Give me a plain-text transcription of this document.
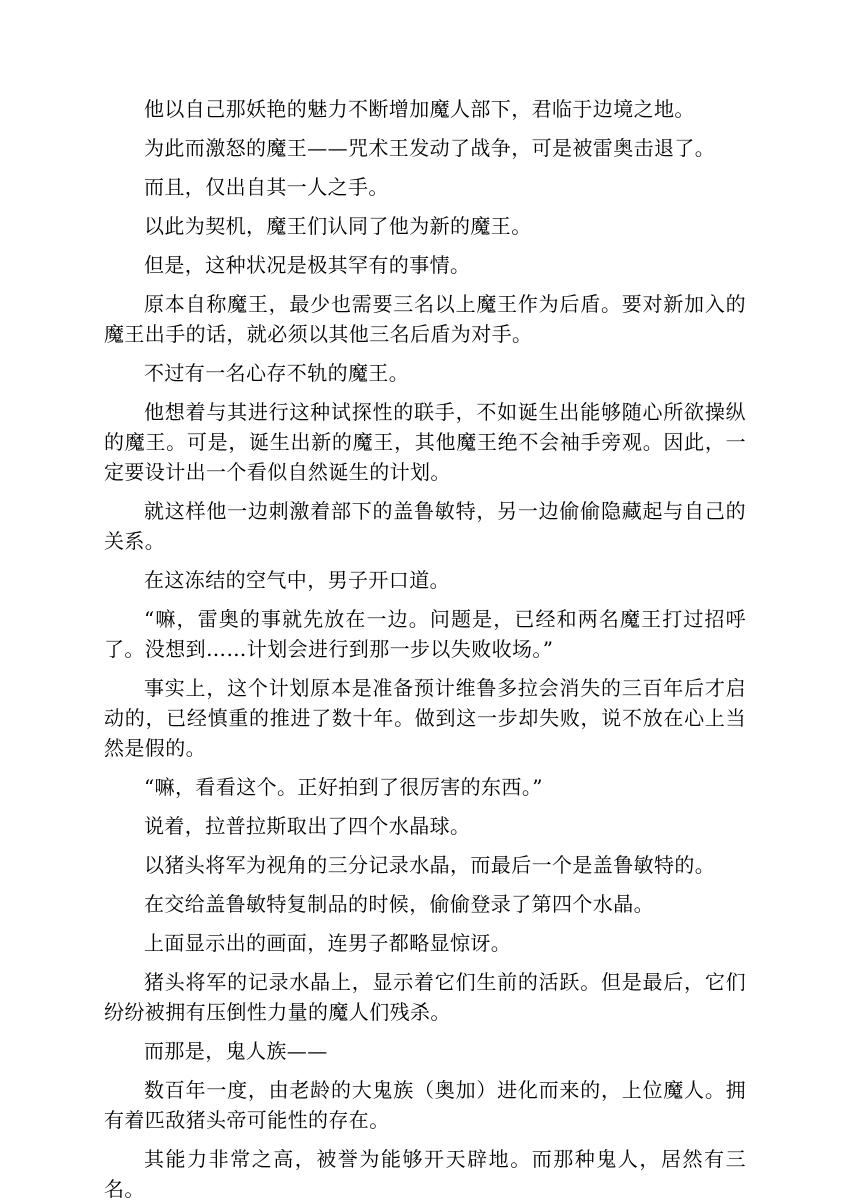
他以自己那妖艳的魅力不断增加魔人部下，君临于边境之地。

为此而激怒的魔王——咒术王发动了战争，可是被雷奥击退了。

而且，仅出自其一人之手。

以此为契机，魔王们认同了他为新的魔王。

但是，这种状况是极其罕有的事情。

原本自称魔王，最少也需要三名以上魔王作为后盾。要对新加入的魔王出手的话，就必须以其他三名后盾为对手。

不过有一名心存不轨的魔王。

他想着与其进行这种试探性的联手，不如诞生出能够随心所欲操纵的魔王。可是，诞生出新的魔王，其他魔王绝不会袖手旁观。因此，一定要设计出一个看似自然诞生的计划。

就这样他一边刺激着部下的盖鲁敏特，另一边偷偷隐藏起与自己的关系。

在这冻结的空气中，男子开口道。

“嘛，雷奥的事就先放在一边。问题是，已经和两名魔王打过招呼了。没想到……计划会进行到那一步以失败收场。”

事实上，这个计划原本是准备预计维鲁多拉会消失的三百年后才启动的，已经慎重的推进了数十年。做到这一步却失败，说不放在心上当然是假的。

“嘛，看看这个。正好拍到了很厉害的东西。”

说着，拉普拉斯取出了四个水晶球。

以猪头将军为视角的三分记录水晶，而最后一个是盖鲁敏特的。

在交给盖鲁敏特复制品的时候，偷偷登录了第四个水晶。

上面显示出的画面，连男子都略显惊讶。

猪头将军的记录水晶上，显示着它们生前的活跃。但是最后，它们纷纷被拥有压倒性力量的魔人们残杀。

而那是，鬼人族——

数百年一度，由老龄的大鬼族（奥加）进化而来的，上位魔人。拥有着匹敌猪头帝可能性的存在。

其能力非常之高，被誉为能够开天辟地。而那种鬼人，居然有三名。
